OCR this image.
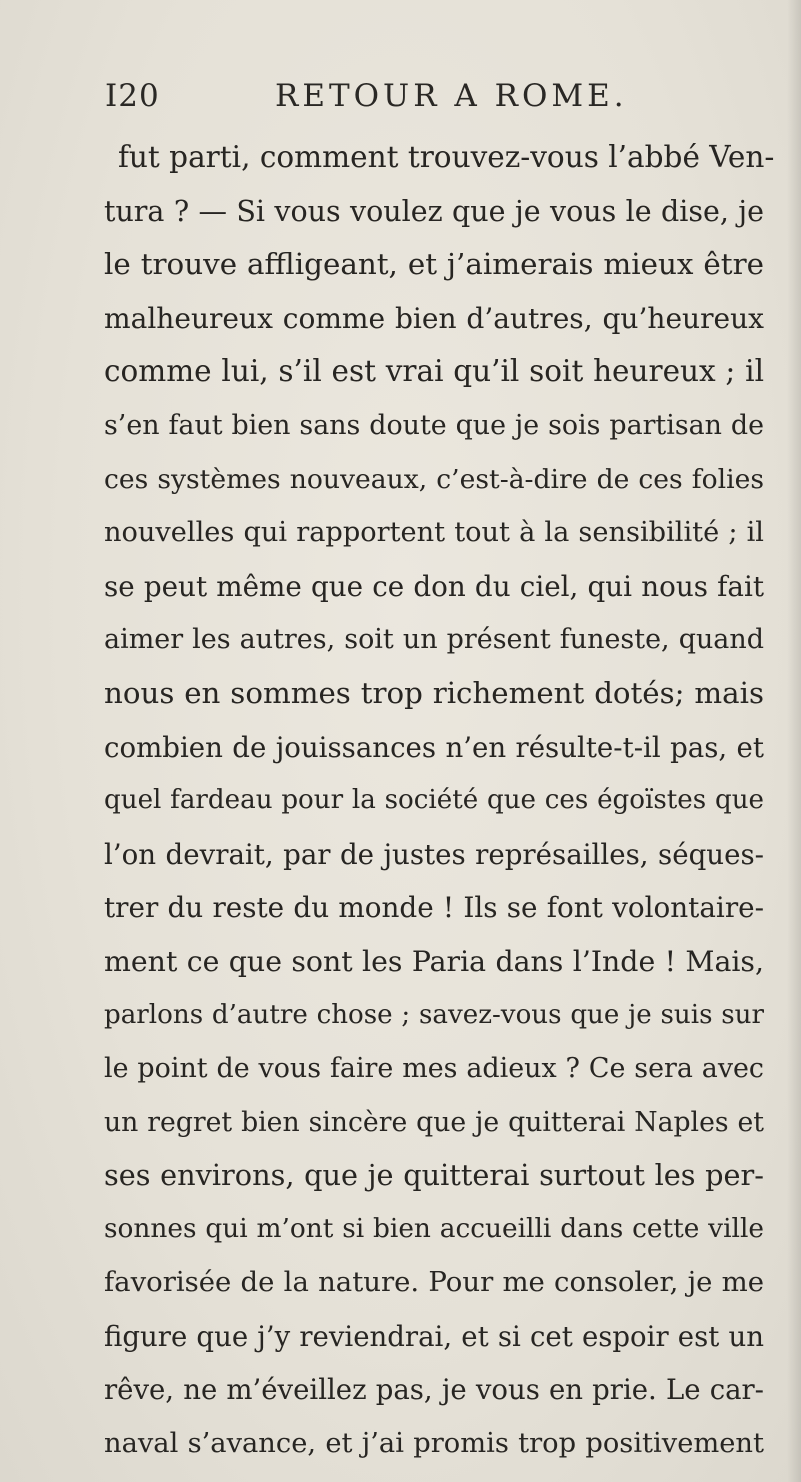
I20	RETOUR A ROME.
fut parti, comment trouvez-vous l’abbé Ven-
tura ? — Si vous voulez que je vous le dise, je
le trouve affligeant, et j’aimerais mieux être
malheureux comme bien d’autres, qu’heureux
comme lui, s’il est vrai qu’il soit heureux ; il
s’en faut bien sans doute que je sois partisan de
ces systèmes nouveaux, c’est-à-dire de ces folies
nouvelles qui rapportent tout à la sensibilité ; il
se peut même que ce don du ciel, qui nous fait
aimer les autres, soit un présent funeste, quand
nous en sommes trop richement dotés; mais
combien de jouissances n’en résulte-t-il pas, et
quel fardeau pour la société que ces égoïstes que
l’on devrait, par de justes représailles, séques-
trer du reste du monde ! Ils se font volontaire-
ment ce que sont les Paria dans l’Inde ! Mais,
parlons d’autre chose ; savez-vous que je suis sur
le point de vous faire mes adieux ? Ce sera avec
un regret bien sincère que je quitterai Naples et
ses environs, que je quitterai surtout les per-
sonnes qui m’ont si bien accueilli dans cette ville
favorisée de la nature. Pour me consoler, je me
figure que j’y reviendrai, et si cet espoir est un
rêve, ne m’éveillez pas, je vous en prie. Le car-
naval s’avance, et j’ai promis trop positivement
